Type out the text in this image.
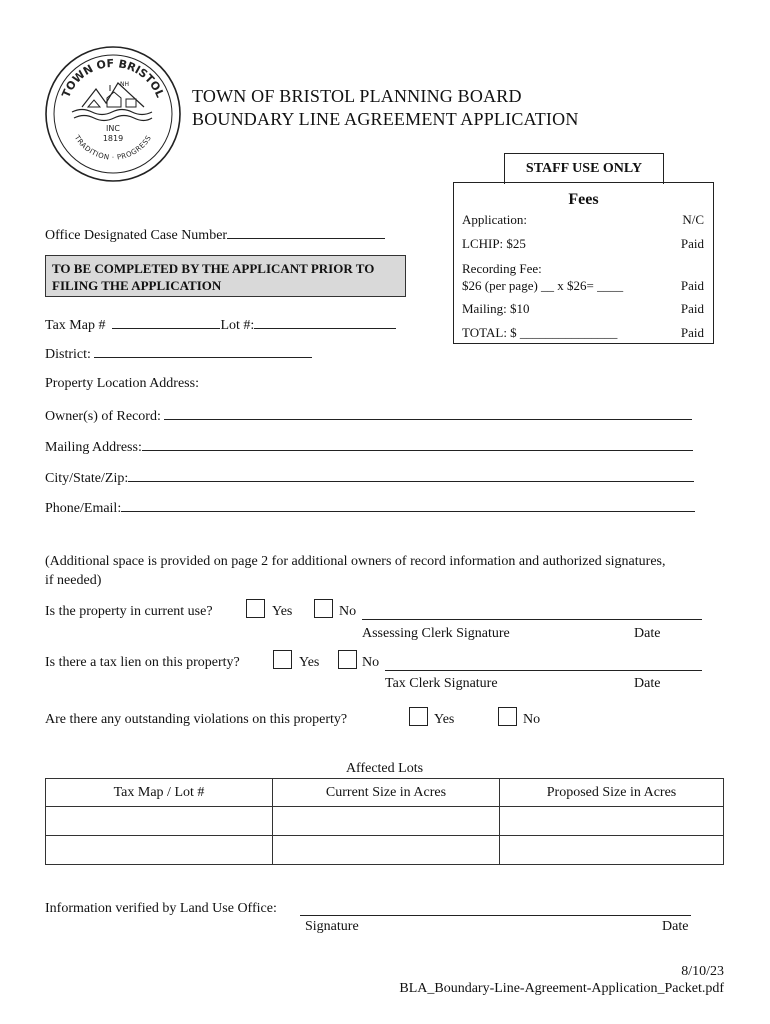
TOWN OF BRISTOL
TRADITION · PROGRESS
NH
INC
1819
TOWN OF BRISTOL PLANNING BOARD
BOUNDARY LINE AGREEMENT APPLICATION
STAFF USE ONLY
Fees
Application:	N/C
LCHIP: $25	Paid
Recording Fee:
$26 (per page) __ x $26= ____	Paid
Mailing: $10	Paid
TOTAL: $ _______________	Paid
Office Designated Case Number
TO BE COMPLETED BY THE APPLICANT PRIOR TO
FILING THE APPLICATION
Tax Map #	Lot #:
District:
Property Location Address:
Owner(s) of Record:
Mailing Address:
City/State/Zip:
Phone/Email:
(Additional space is provided on page 2 for additional owners of record information and authorized signatures,
if needed)
Is the property in current use?	Yes	No
Assessing Clerk Signature	Date
Is there a tax lien on this property?	Yes	No
Tax Clerk Signature	Date
Are there any outstanding violations on this property?	Yes	No
Affected Lots
Tax Map / Lot #	Current Size in Acres	Proposed Size in Acres

Information verified by Land Use Office:
Signature	Date
8/10/23
BLA_Boundary-Line-Agreement-Application_Packet.pdf
